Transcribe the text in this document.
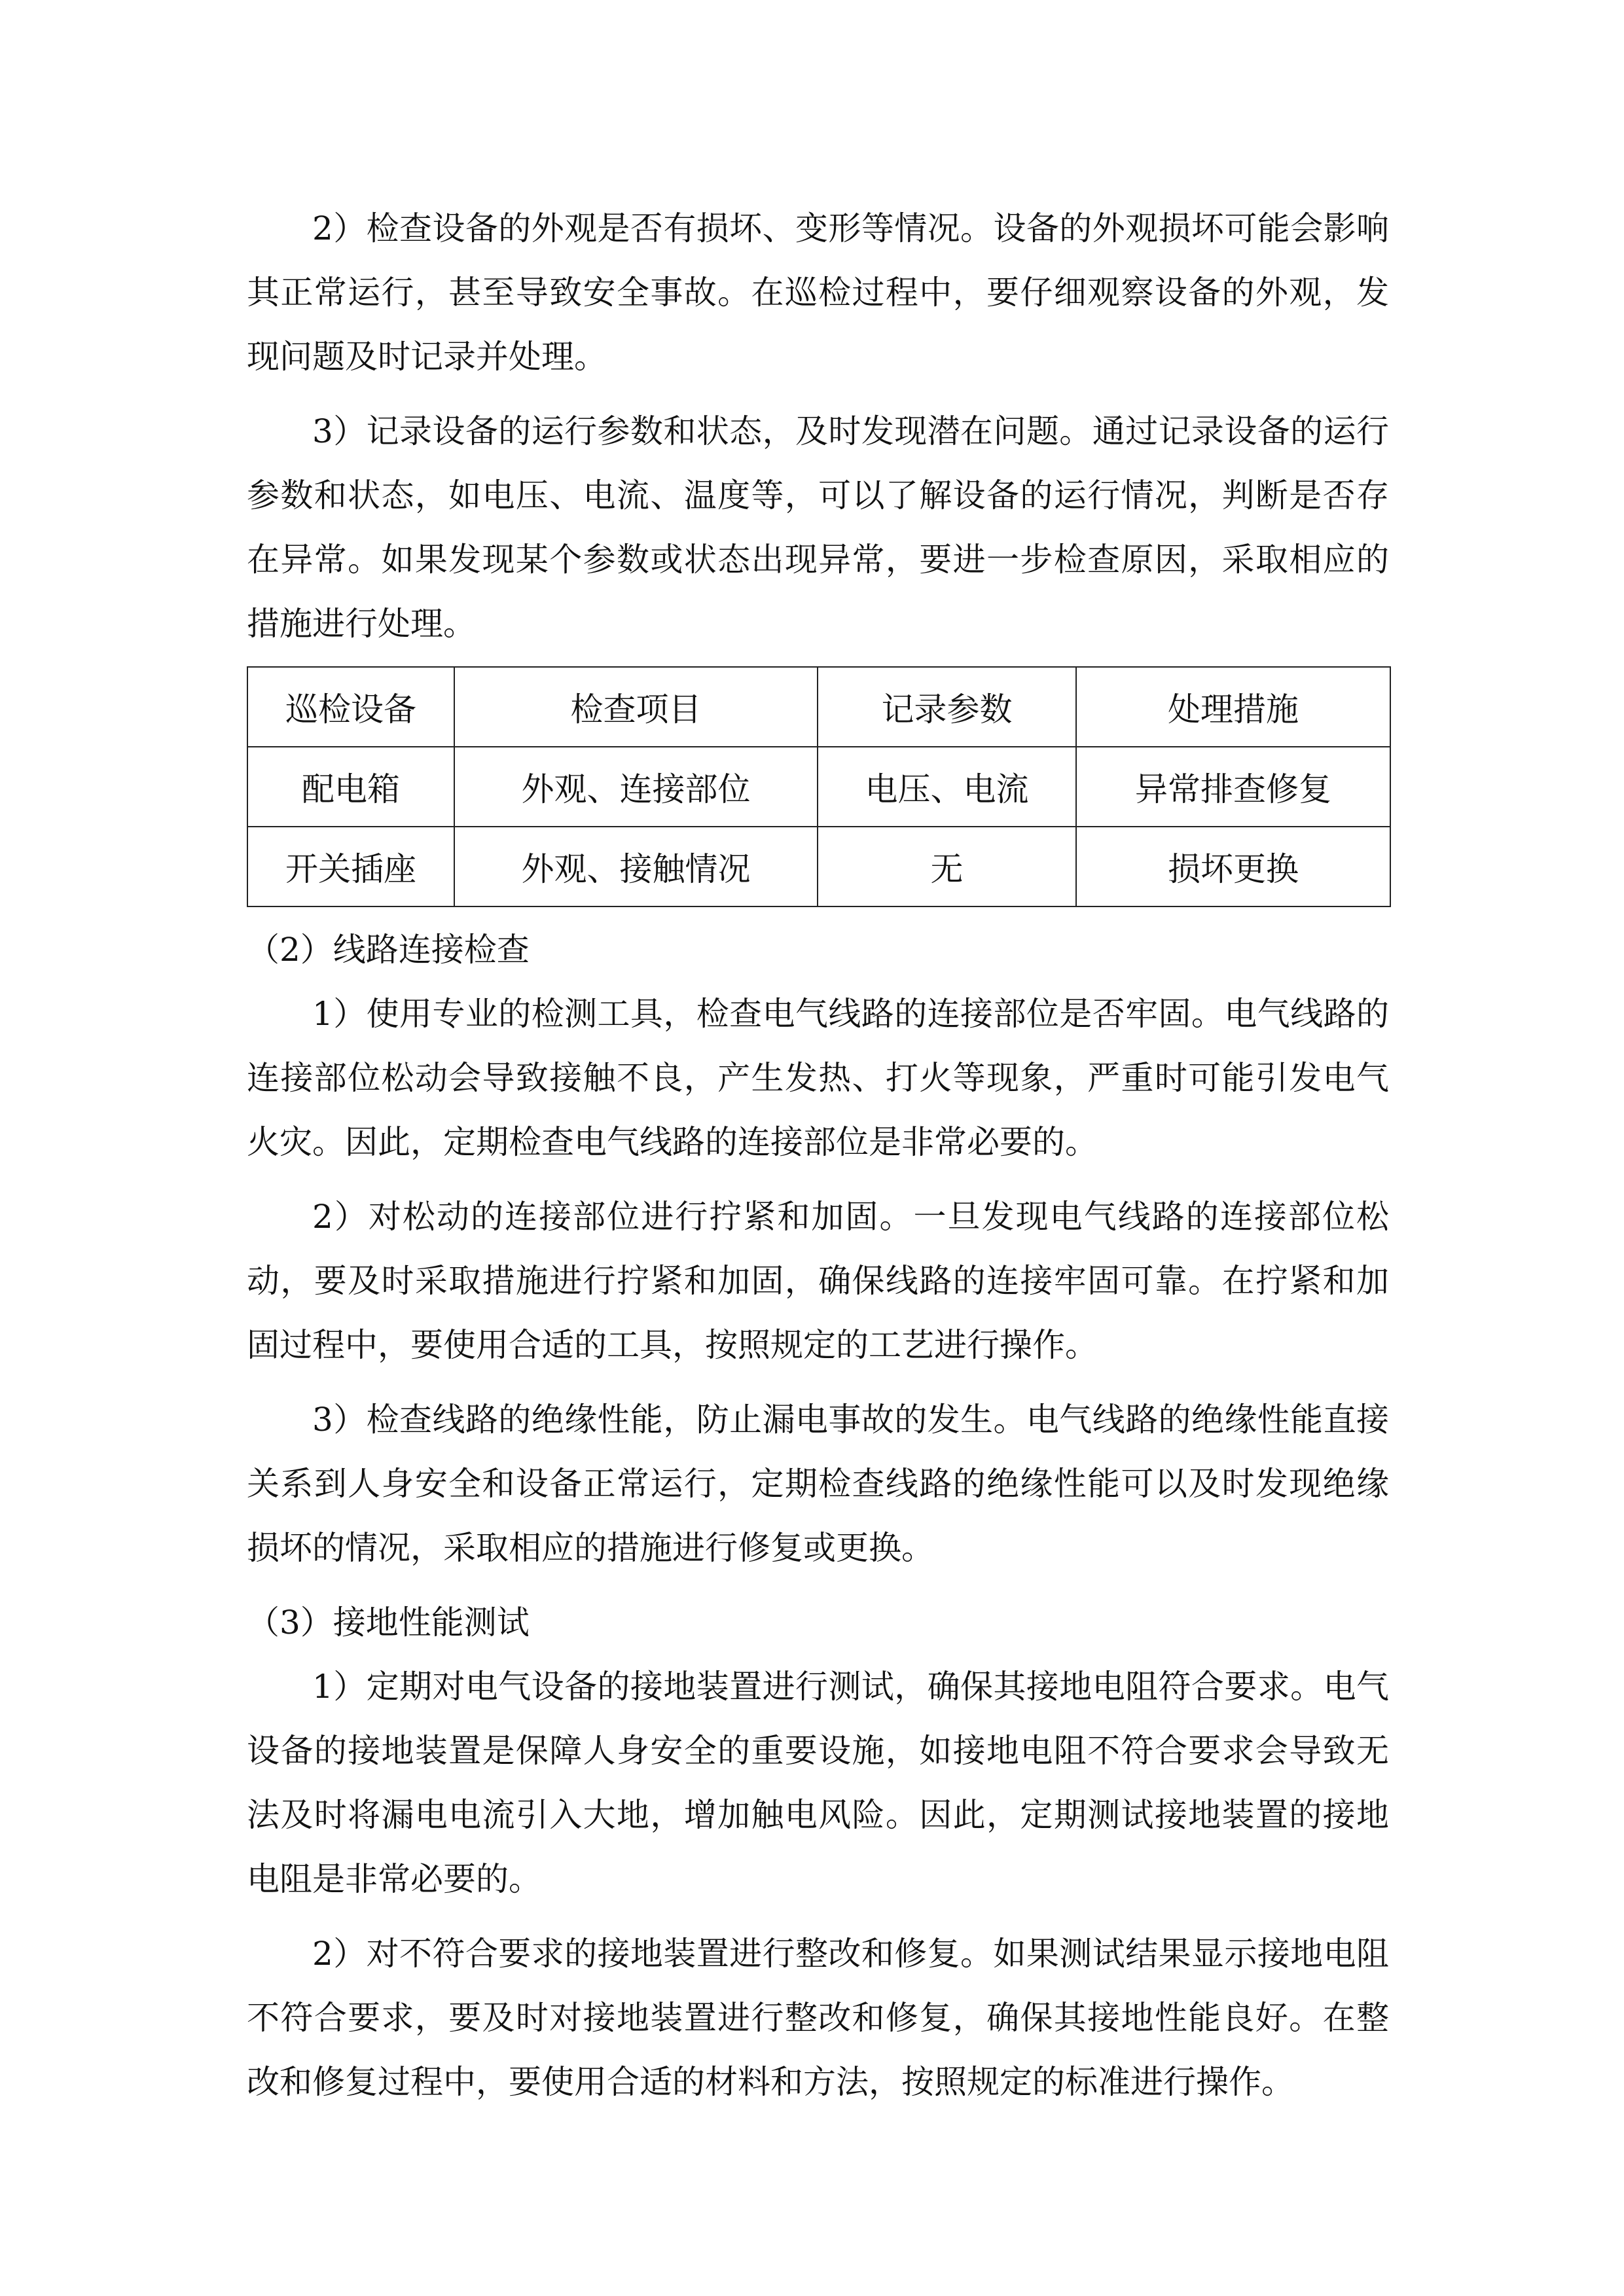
2）检查设备的外观是否有损坏、变形等情况。设备的外观损坏可能会影响其正常运行，甚至导致安全事故。在巡检过程中，要仔细观察设备的外观，发现问题及时记录并处理。

3）记录设备的运行参数和状态，及时发现潜在问题。通过记录设备的运行参数和状态，如电压、电流、温度等，可以了解设备的运行情况，判断是否存在异常。如果发现某个参数或状态出现异常，要进一步检查原因，采取相应的措施进行处理。

巡检设备	检查项目	记录参数	处理措施
配电箱	外观、连接部位	电压、电流	异常排查修复
开关插座	外观、接触情况	无	损坏更换

（2）线路连接检查

1）使用专业的检测工具，检查电气线路的连接部位是否牢固。电气线路的连接部位松动会导致接触不良，产生发热、打火等现象，严重时可能引发电气火灾。因此，定期检查电气线路的连接部位是非常必要的。

2）对松动的连接部位进行拧紧和加固。一旦发现电气线路的连接部位松动，要及时采取措施进行拧紧和加固，确保线路的连接牢固可靠。在拧紧和加固过程中，要使用合适的工具，按照规定的工艺进行操作。

3）检查线路的绝缘性能，防止漏电事故的发生。电气线路的绝缘性能直接关系到人身安全和设备正常运行，定期检查线路的绝缘性能可以及时发现绝缘损坏的情况，采取相应的措施进行修复或更换。

（3）接地性能测试

1）定期对电气设备的接地装置进行测试，确保其接地电阻符合要求。电气设备的接地装置是保障人身安全的重要设施，如接地电阻不符合要求会导致无法及时将漏电电流引入大地，增加触电风险。因此，定期测试接地装置的接地电阻是非常必要的。

2）对不符合要求的接地装置进行整改和修复。如果测试结果显示接地电阻不符合要求，要及时对接地装置进行整改和修复，确保其接地性能良好。在整改和修复过程中，要使用合适的材料和方法，按照规定的标准进行操作。
